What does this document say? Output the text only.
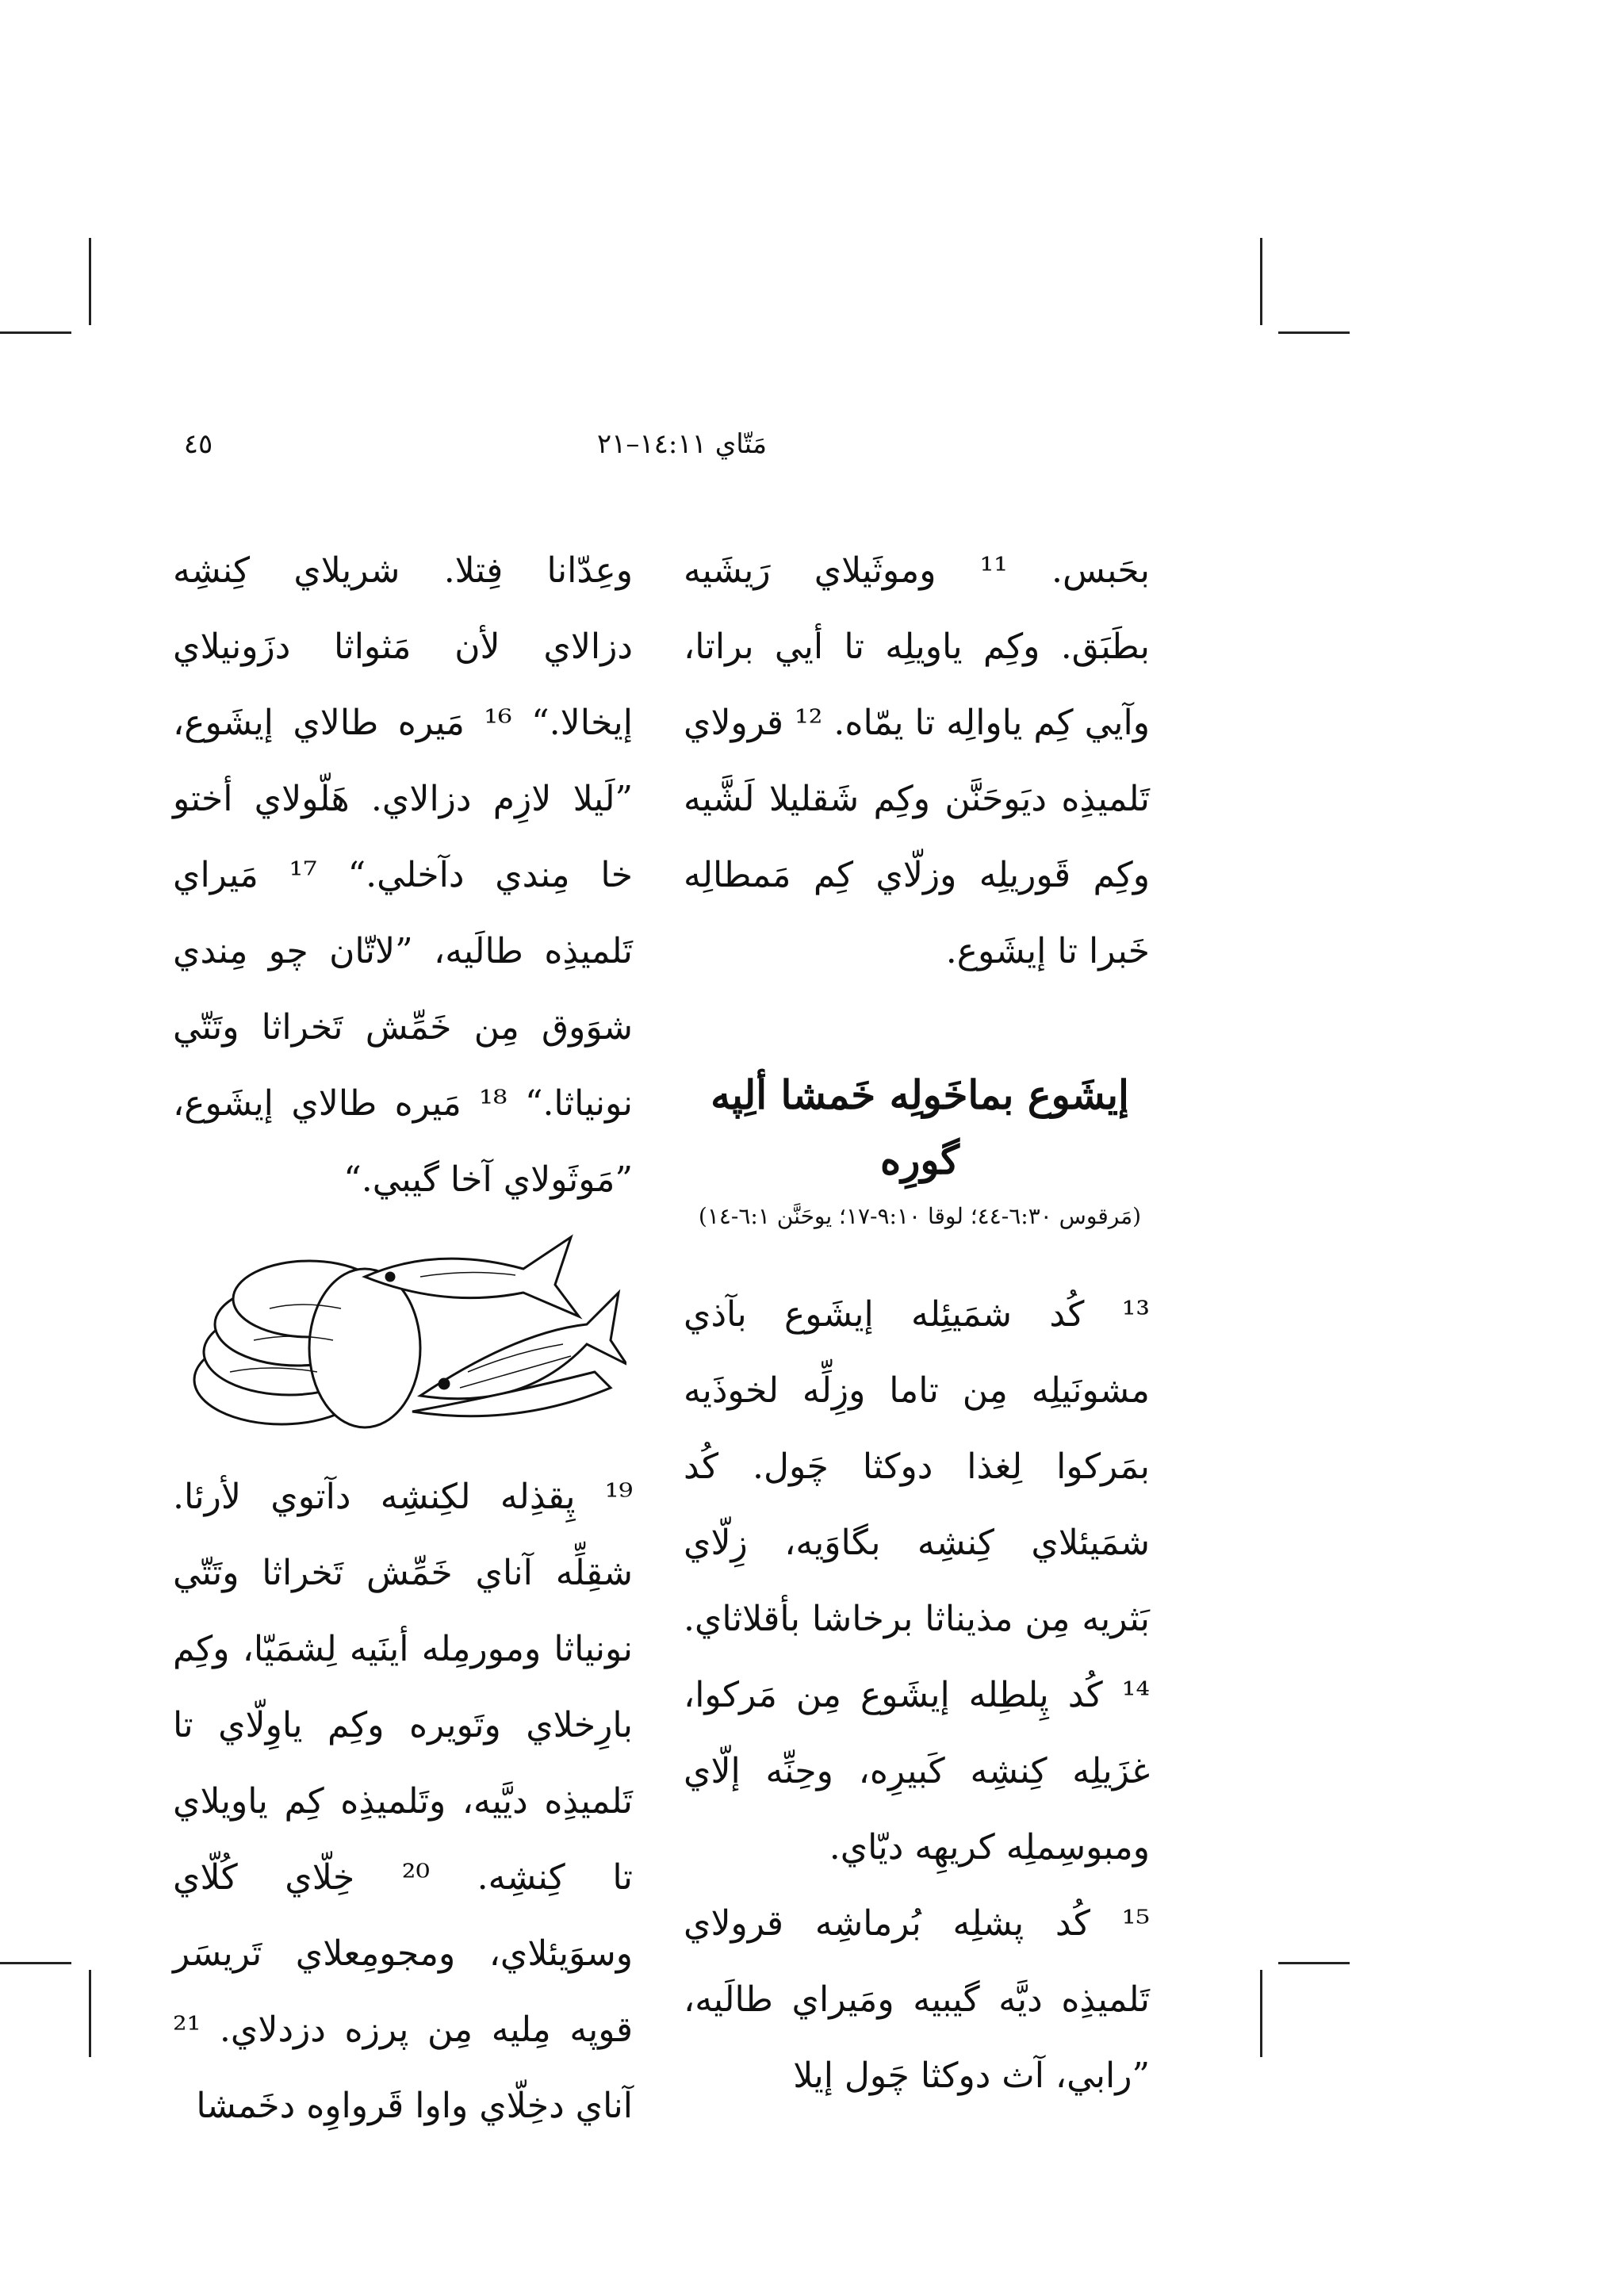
مَتّاي ١٤:١١–٢١
٤٥

بحَبس. ¹¹ وموثَيلاي رَيشَيه بطَبَق. وكِم ياويلِه تا أيي براتا، وآيي كِم ياوالِه تا يمّاه. ¹² قرولاي تَلميذِه ديَوحَنَّن وكِم شَقليلا لَشَّيه وكِم قَوريلِه وزلّاي كِم مَمطالِه خَبرا تا إيشَوع.

إيشَوع بماخَولِه خَمشا ألِپه گورِه
(مَرقوس ٦:٣٠-٤٤؛ لوقا ٩:١٠-١٧؛ يوحَنَّن ٦:١-١٤)

¹³ كُد شمَيئِله إيشَوع بآذي مشونَيلِه مِن تاما وزِلِّه لخوذَيه بمَركوا لِغذا دوكثا چَول. كُد شمَيئلاي كِنشِه بگاوَيه، زِلّاي بَثريه مِن مذيناثا برخاشا بأقلاثاي. ¹⁴ كُد پِلطِله إيشَوع مِن مَركوا، غزَيلِه كِنشِه كَبيرِه، وحِنِّه إلّاي ومبوسِملِه كريهِه ديّاي.

¹⁵ كُد پشلِه بُرماشِه قرولاي تَلميذِه ديَّه گيبيه ومَيراي طالَيه، ”رابي، آث دوكثا چَول إيلا

وعِدّانا فِتلا. شريلاي كِنشِه دزالاي لأن مَثواثا دزَونيلاي إيخالا.“ ¹⁶ مَيره طالاي إيشَوع، ”لَيلا لازِم دزالاي. هَلّولاي أختو خا مِندي دآخلي.“ ¹⁷ مَيراي تَلميذِه طالَيه، ”لاتّان چو مِندي شوَوق مِن خَمِّش تَخراثا وتَتّي نونياثا.“ ¹⁸ مَيره طالاي إيشَوع، ”مَوثَولاي آخا گيبي.“

¹⁹ پِقذِله لكِنشِه دآتوي لأرئا. شقِلِّه آناي خَمِّش تَخراثا وتَتّي نونياثا ومورمِله أينَيه لِشمَيّا، وكِم بارِخلاي وتَويره وكِم ياوِلّاي تا تَلميذِه ديَّيه، وتَلميذِه كِم ياويلاي تا كِنشِه. ²⁰ خِلّاي كُلّاي وسوَيئلاي، ومجومِعلاي تَريسَر قوپه مِليه مِن پرزه دزدلاي. ²¹ آناي دخِلّاي واوا قَرواوِه دخَمشا
